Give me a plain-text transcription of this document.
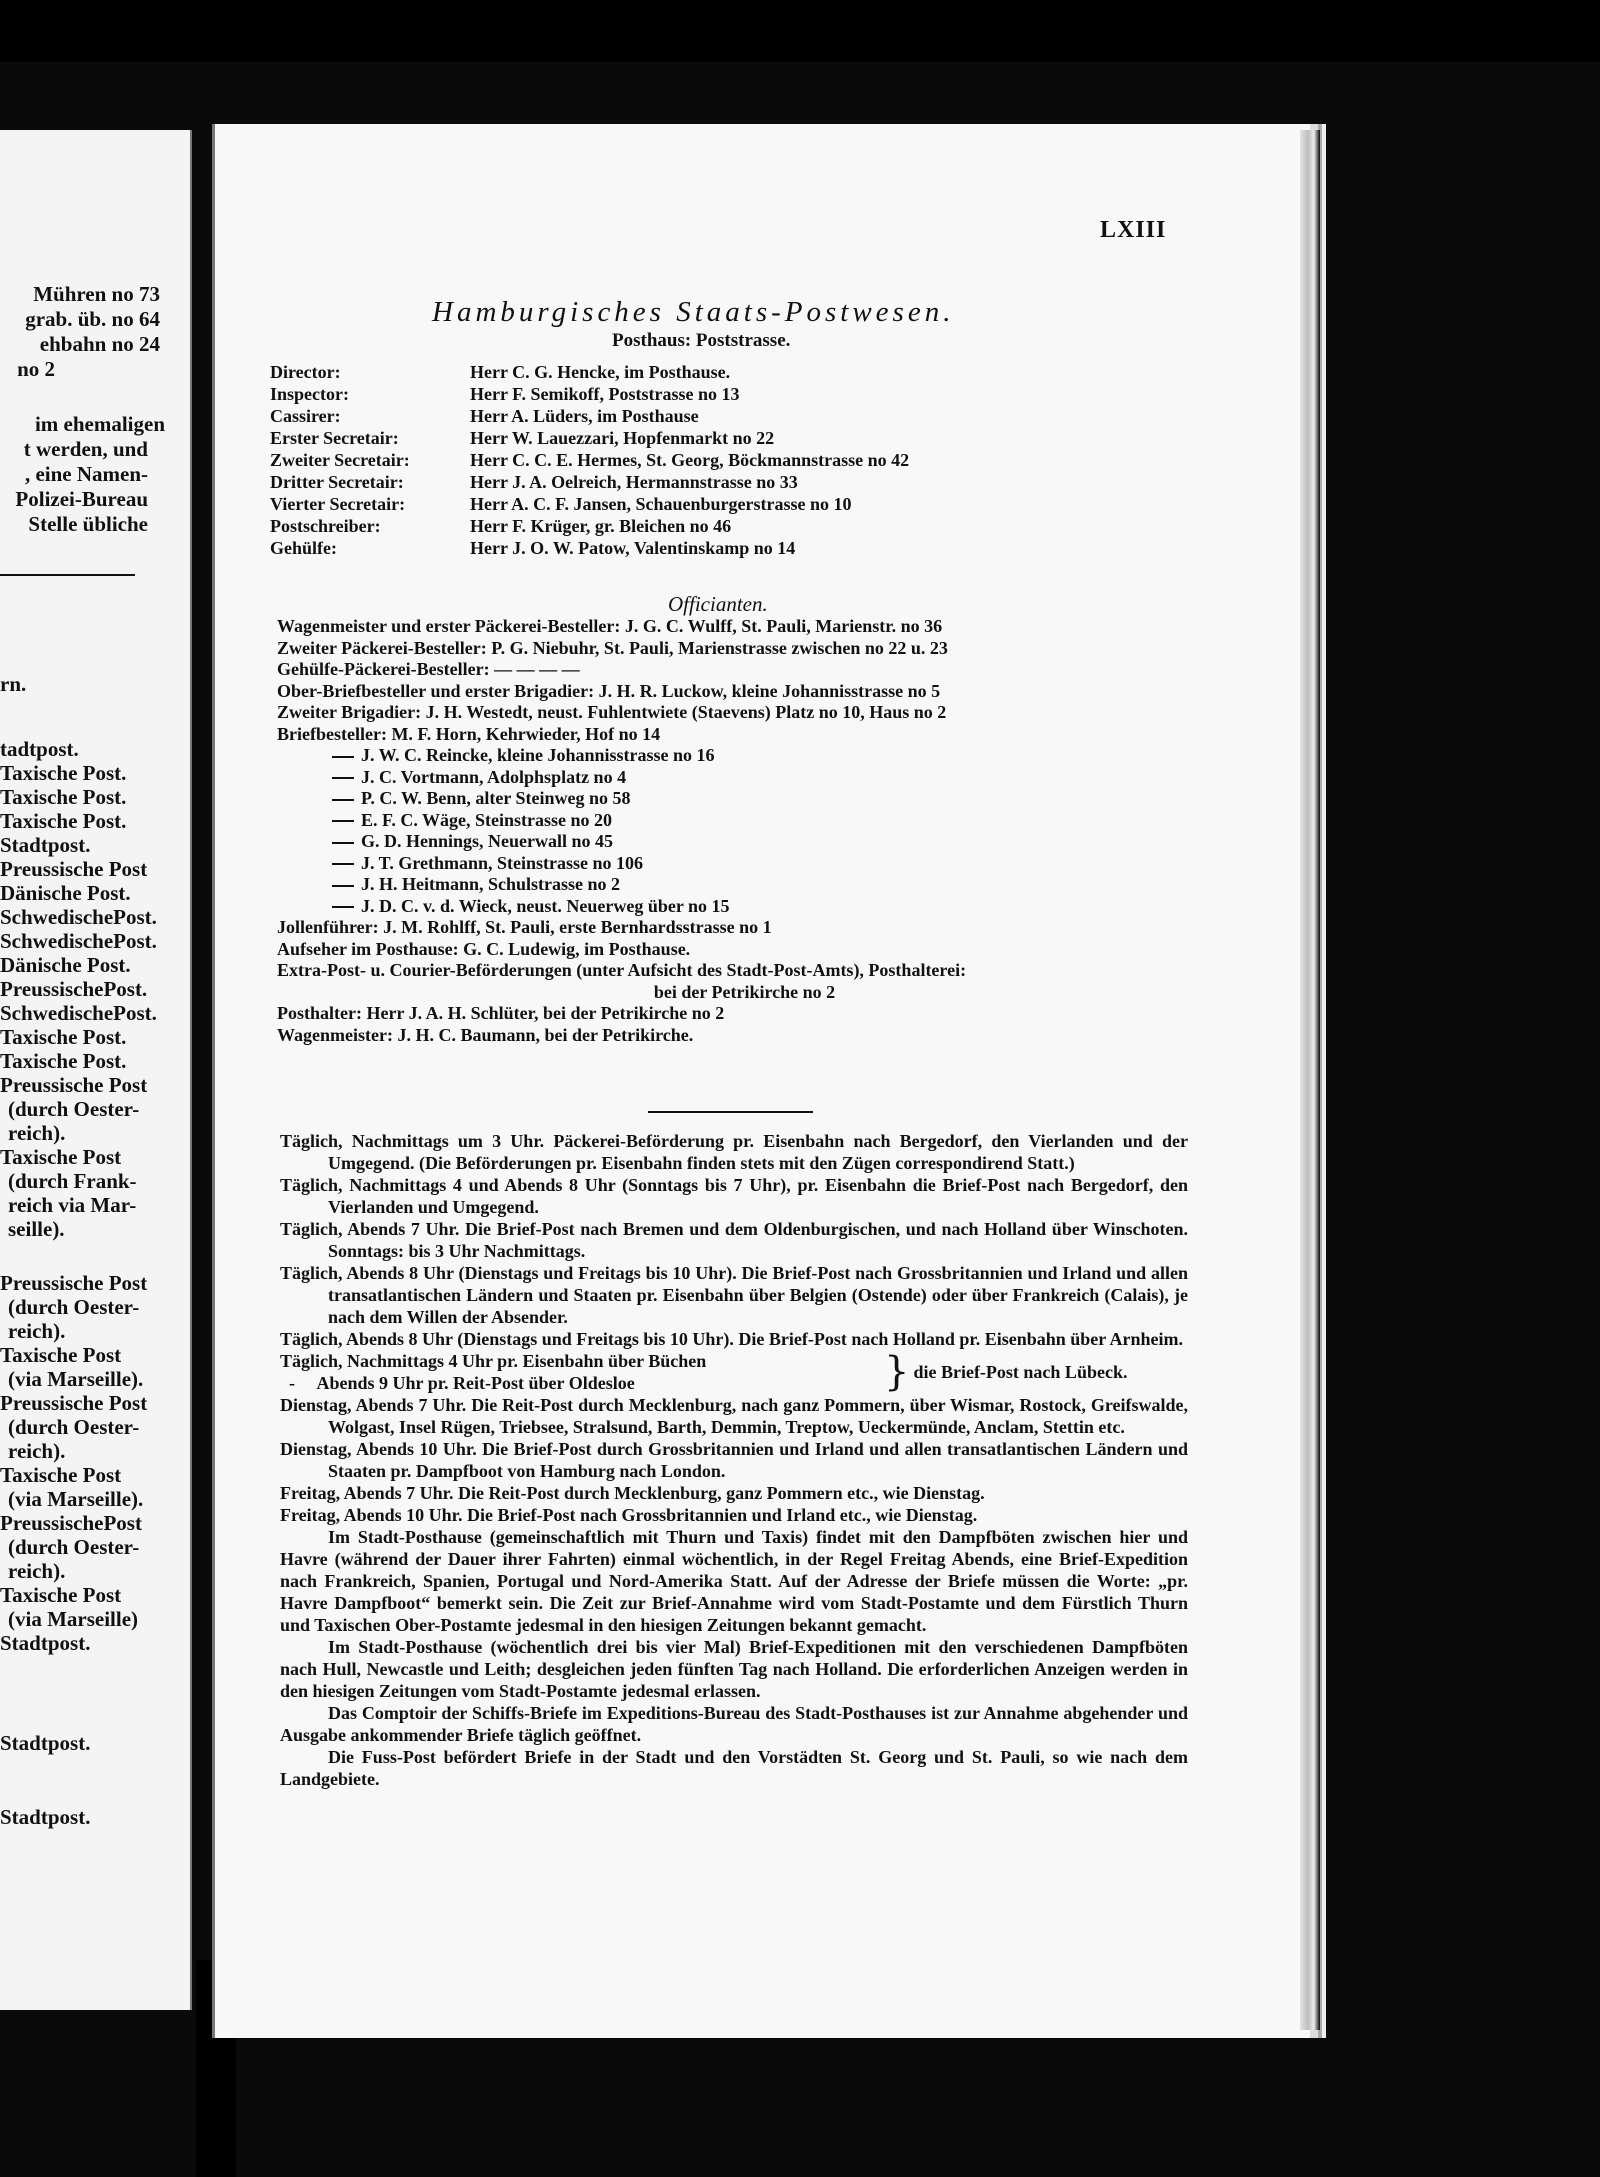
Mühren no 73
grab. üb. no 64
ehbahn no 24
no 2
im ehemaligen
t werden, und
, eine Namen-
Polizei-Bureau
Stelle übliche
rn.
tadtpost.
Taxische Post.
Taxische Post.
Taxische Post.
Stadtpost.
Preussische Post
Dänische Post.
SchwedischePost.
SchwedischePost.
Dänische Post.
PreussischePost.
SchwedischePost.
Taxische Post.
Taxische Post.
Preussische Post
(durch Oester-
reich).
Taxische Post
(durch Frank-
reich via Mar-
seille).
Preussische Post
(durch Oester-
reich).
Taxische Post
(via Marseille).
Preussische Post
(durch Oester-
reich).
Taxische Post
(via Marseille).
PreussischePost
(durch Oester-
reich).
Taxische Post
(via Marseille)
Stadtpost.
Stadtpost.
Stadtpost.
LXIII
Hamburgisches Staats-Postwesen.
Posthaus: Poststrasse.
Director:	Herr C. G. Hencke, im Posthause.
Inspector:	Herr F. Semikoff, Poststrasse no 13
Cassirer:	Herr A. Lüders, im Posthause
Erster Secretair:	Herr W. Lauezzari, Hopfenmarkt no 22
Zweiter Secretair:	Herr C. C. E. Hermes, St. Georg, Böckmannstrasse no 42
Dritter Secretair:	Herr J. A. Oelreich, Hermannstrasse no 33
Vierter Secretair:	Herr A. C. F. Jansen, Schauenburgerstrasse no 10
Postschreiber:	Herr F. Krüger, gr. Bleichen no 46
Gehülfe:	Herr J. O. W. Patow, Valentinskamp no 14
Officianten.
Wagenmeister und erster Päckerei-Besteller: J. G. C. Wulff, St. Pauli, Marienstr. no 36
Zweiter Päckerei-Besteller: P. G. Niebuhr, St. Pauli, Marienstrasse zwischen no 22 u. 23
Gehülfe-Päckerei-Besteller: — — — —
Ober-Briefbesteller und erster Brigadier: J. H. R. Luckow, kleine Johannisstrasse no 5
Zweiter Brigadier: J. H. Westedt, neust. Fuhlentwiete (Staevens) Platz no 10, Haus no 2
Briefbesteller: M. F. Horn, Kehrwieder, Hof no 14
J. W. C. Reincke, kleine Johannisstrasse no 16
J. C. Vortmann, Adolphsplatz no 4
P. C. W. Benn, alter Steinweg no 58
E. F. C. Wäge, Steinstrasse no 20
G. D. Hennings, Neuerwall no 45
J. T. Grethmann, Steinstrasse no 106
J. H. Heitmann, Schulstrasse no 2
J. D. C. v. d. Wieck, neust. Neuerweg über no 15
Jollenführer: J. M. Rohlff, St. Pauli, erste Bernhardsstrasse no 1
Aufseher im Posthause: G. C. Ludewig, im Posthause.
Extra-Post- u. Courier-Beförderungen (unter Aufsicht des Stadt-Post-Amts), Posthalterei:
bei der Petrikirche no 2
Posthalter: Herr J. A. H. Schlüter, bei der Petrikirche no 2
Wagenmeister: J. H. C. Baumann, bei der Petrikirche.

Täglich, Nachmittags um 3 Uhr. Päckerei-Beförderung pr. Eisenbahn nach Bergedorf, den Vierlanden und der Umgegend. (Die Beförderungen pr. Eisenbahn finden stets mit den Zügen correspondirend Statt.)

Täglich, Nachmittags 4 und Abends 8 Uhr (Sonntags bis 7 Uhr), pr. Eisenbahn die Brief-Post nach Bergedorf, den Vierlanden und Umgegend.

Täglich, Abends 7 Uhr. Die Brief-Post nach Bremen und dem Oldenburgischen, und nach Holland über Winschoten. Sonntags: bis 3 Uhr Nachmittags.

Täglich, Abends 8 Uhr (Dienstags und Freitags bis 10 Uhr). Die Brief-Post nach Grossbritannien und Irland und allen transatlantischen Ländern und Staaten pr. Eisenbahn über Belgien (Ostende) oder über Frankreich (Calais), je nach dem Willen der Absender.

Täglich, Abends 8 Uhr (Dienstags und Freitags bis 10 Uhr). Die Brief-Post nach Holland pr. Eisenbahn über Arnheim.

Täglich, Nachmittags 4 Uhr pr. Eisenbahn über Büchen

-     Abends 9 Uhr pr. Reit-Post über Oldesloe	} die Brief-Post nach Lübeck.

Dienstag, Abends 7 Uhr. Die Reit-Post durch Mecklenburg, nach ganz Pommern, über Wismar, Rostock, Greifswalde, Wolgast, Insel Rügen, Triebsee, Stralsund, Barth, Demmin, Treptow, Ueckermünde, Anclam, Stettin etc.

Dienstag, Abends 10 Uhr. Die Brief-Post durch Grossbritannien und Irland und allen transatlantischen Ländern und Staaten pr. Dampfboot von Hamburg nach London.

Freitag, Abends 7 Uhr. Die Reit-Post durch Mecklenburg, ganz Pommern etc., wie Dienstag.

Freitag, Abends 10 Uhr. Die Brief-Post nach Grossbritannien und Irland etc., wie Dienstag.

Im Stadt-Posthause (gemeinschaftlich mit Thurn und Taxis) findet mit den Dampfböten zwischen hier und Havre (während der Dauer ihrer Fahrten) einmal wöchentlich, in der Regel Freitag Abends, eine Brief-Expedition nach Frankreich, Spanien, Portugal und Nord-Amerika Statt. Auf der Adresse der Briefe müssen die Worte: „pr. Havre Dampfboot“ bemerkt sein. Die Zeit zur Brief-Annahme wird vom Stadt-Postamte und dem Fürstlich Thurn und Taxischen Ober-Postamte jedesmal in den hiesigen Zeitungen bekannt gemacht.

Im Stadt-Posthause (wöchentlich drei bis vier Mal) Brief-Expeditionen mit den verschiedenen Dampfböten nach Hull, Newcastle und Leith; desgleichen jeden fünften Tag nach Holland. Die erforderlichen Anzeigen werden in den hiesigen Zeitungen vom Stadt-Postamte jedesmal erlassen.

Das Comptoir der Schiffs-Briefe im Expeditions-Bureau des Stadt-Posthauses ist zur Annahme abgehender und Ausgabe ankommender Briefe täglich geöffnet.

Die Fuss-Post befördert Briefe in der Stadt und den Vorstädten St. Georg und St. Pauli, so wie nach dem Landgebiete.
